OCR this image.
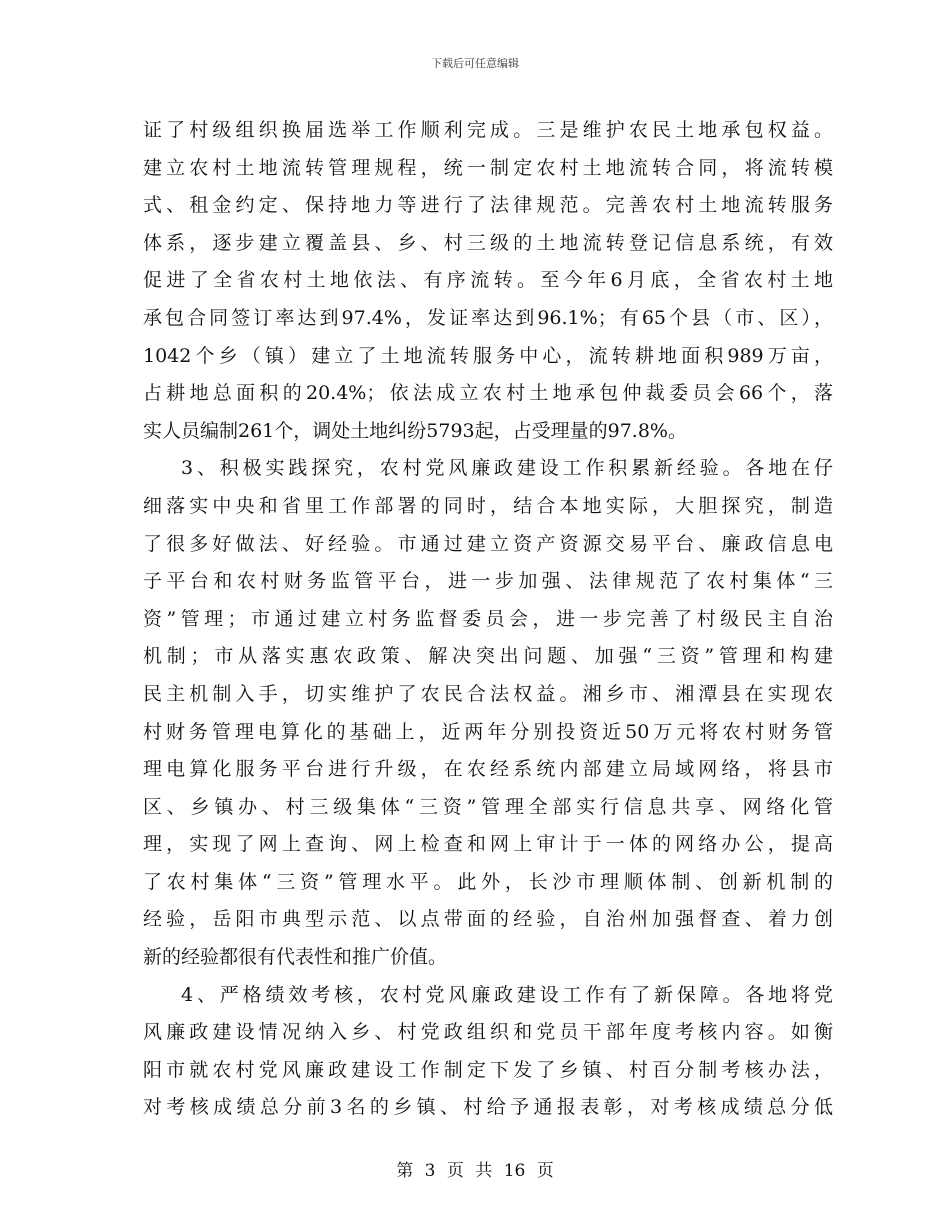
下载后可任意编辑
证了村级组织换届选举工作顺利完成。三是维护农民土地承包权益。
建立农村土地流转管理规程，统一制定农村土地流转合同，将流转模
式、租金约定、保持地力等进行了法律规范。完善农村土地流转服务
体系，逐步建立覆盖县、乡、村三级的土地流转登记信息系统，有效
促进了全省农村土地依法、有序流转。至今年6月底，全省农村土地
承包合同签订率达到97.4%，发证率达到96.1%；有65个县（市、区），
1042个乡（镇）建立了土地流转服务中心，流转耕地面积989万亩，
占耕地总面积的20.4%；依法成立农村土地承包仲裁委员会66个，落
实人员编制261个，调处土地纠纷5793起，占受理量的97.8%。
3、积极实践探究，农村党风廉政建设工作积累新经验。各地在仔
细落实中央和省里工作部署的同时，结合本地实际，大胆探究，制造
了很多好做法、好经验。市通过建立资产资源交易平台、廉政信息电
子平台和农村财务监管平台，进一步加强、法律规范了农村集体“三
资”管理；市通过建立村务监督委员会，进一步完善了村级民主自治
机制；市从落实惠农政策、解决突出问题、加强“三资”管理和构建
民主机制入手，切实维护了农民合法权益。湘乡市、湘潭县在实现农
村财务管理电算化的基础上，近两年分别投资近50万元将农村财务管
理电算化服务平台进行升级，在农经系统内部建立局域网络，将县市
区、乡镇办、村三级集体“三资”管理全部实行信息共享、网络化管
理，实现了网上查询、网上检查和网上审计于一体的网络办公，提高
了农村集体“三资”管理水平。此外，长沙市理顺体制、创新机制的
经验，岳阳市典型示范、以点带面的经验，自治州加强督查、着力创
新的经验都很有代表性和推广价值。
4、严格绩效考核，农村党风廉政建设工作有了新保障。各地将党
风廉政建设情况纳入乡、村党政组织和党员干部年度考核内容。如衡
阳市就农村党风廉政建设工作制定下发了乡镇、村百分制考核办法，
对考核成绩总分前3名的乡镇、村给予通报表彰，对考核成绩总分低
第 3 页 共 16 页
